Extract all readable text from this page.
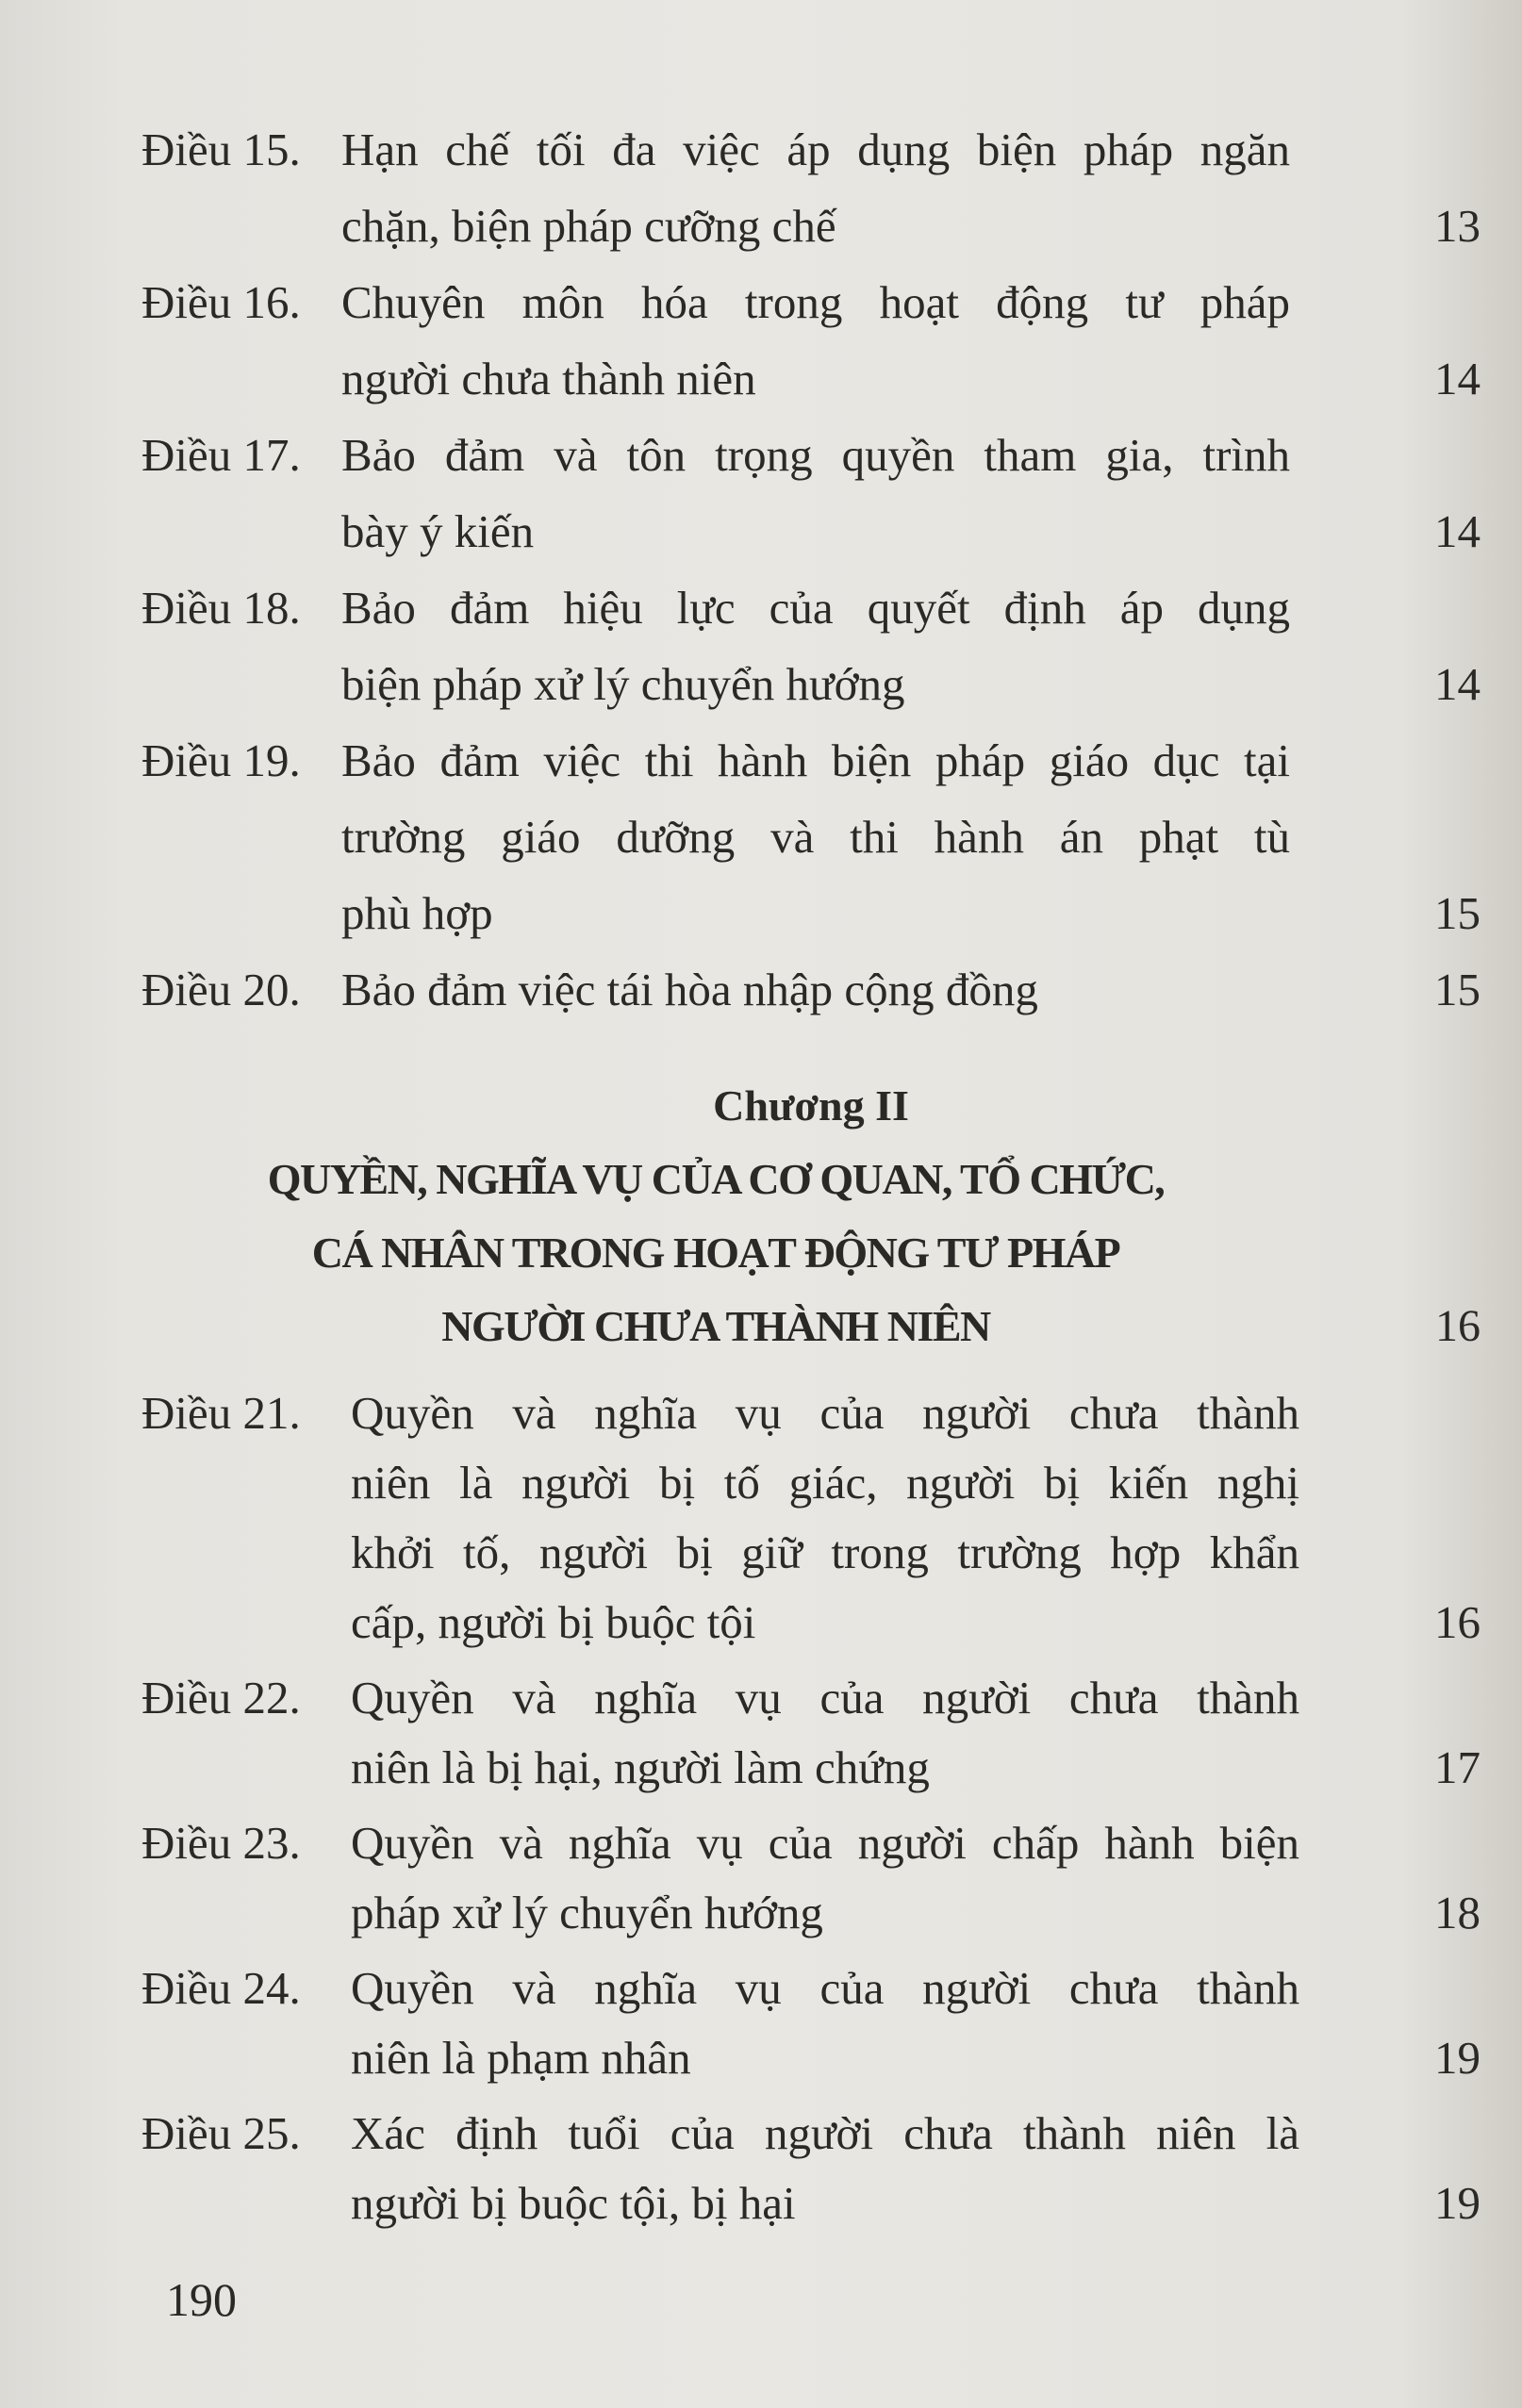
Điều 15. Hạn chế tối đa việc áp dụng biện pháp ngăn
chặn, biện pháp cưỡng chế	13
Điều 16. Chuyên môn hóa trong hoạt động tư pháp
người chưa thành niên	14
Điều 17. Bảo đảm và tôn trọng quyền tham gia, trình
bày ý kiến	14
Điều 18. Bảo đảm hiệu lực của quyết định áp dụng
biện pháp xử lý chuyển hướng	14
Điều 19. Bảo đảm việc thi hành biện pháp giáo dục tại
trường giáo dưỡng và thi hành án phạt tù
phù hợp	15
Điều 20. Bảo đảm việc tái hòa nhập cộng đồng	15
Chương II
QUYỀN, NGHĨA VỤ CỦA CƠ QUAN, TỔ CHỨC,
CÁ NHÂN TRONG HOẠT ĐỘNG TƯ PHÁP
NGƯỜI CHƯA THÀNH NIÊN	16
Điều 21.	Quyền và nghĩa vụ của người chưa thành
niên là người bị tố giác, người bị kiến nghị
khởi tố, người bị giữ trong trường hợp khẩn
cấp, người bị buộc tội	16
Điều 22.	Quyền và nghĩa vụ của người chưa thành
niên là bị hại, người làm chứng	17
Điều 23.	Quyền và nghĩa vụ của người chấp hành biện
pháp xử lý chuyển hướng	18
Điều 24.	Quyền và nghĩa vụ của người chưa thành
niên là phạm nhân	19
Điều 25.	Xác định tuổi của người chưa thành niên là
người bị buộc tội, bị hại	19
190
